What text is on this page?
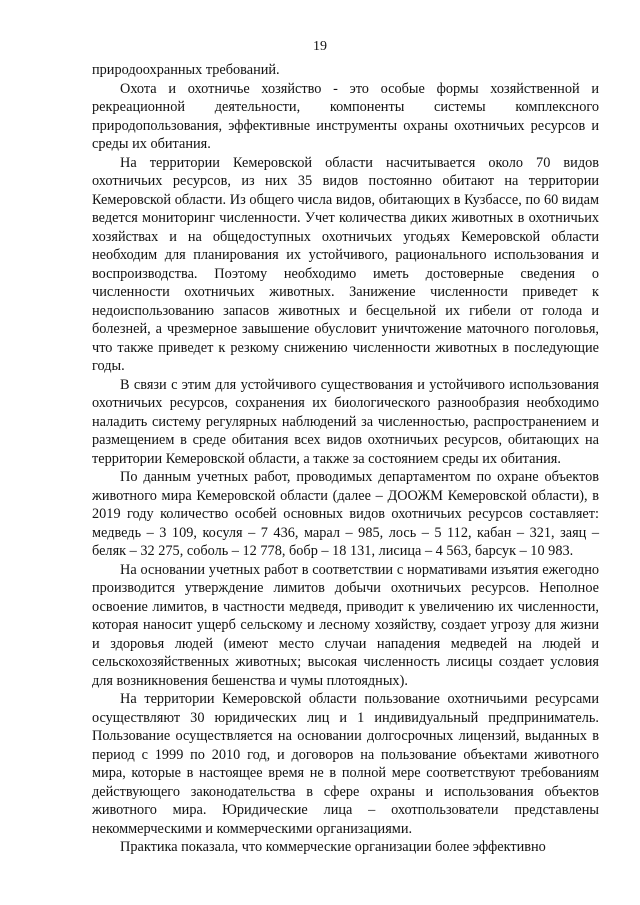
19

природоохранных требований.

Охота и охотничье хозяйство - это особые формы хозяйственной и рекреационной деятельности, компоненты системы комплексного природопользования, эффективные инструменты охраны охотничьих ресурсов и среды их обитания.

На территории Кемеровской области насчитывается около 70 видов охотничьих ресурсов, из них 35 видов постоянно обитают на территории Кемеровской области. Из общего числа видов, обитающих в Кузбассе, по 60 видам ведется мониторинг численности. Учет количества диких животных в охотничьих хозяйствах и на общедоступных охотничьих угодьях Кемеровской области необходим для планирования их устойчивого, рационального использования и воспроизводства. Поэтому необходимо иметь достоверные сведения о численности охотничьих животных. Занижение численности приведет к недоиспользованию запасов животных и бесцельной их гибели от голода и болезней, а чрезмерное завышение обусловит уничтожение маточного поголовья, что также приведет к резкому снижению численности животных в последующие годы.

В связи с этим для устойчивого существования и устойчивого использования охотничьих ресурсов, сохранения их биологического разнообразия необходимо наладить систему регулярных наблюдений за численностью, распространением и размещением в среде обитания всех видов охотничьих ресурсов, обитающих на территории Кемеровской области, а также за состоянием среды их обитания.

По данным учетных работ, проводимых департаментом по охране объектов животного мира Кемеровской области (далее – ДООЖМ Кемеровской области), в 2019 году количество особей основных видов охотничьих ресурсов составляет: медведь – 3 109, косуля – 7 436, марал – 985, лось – 5 112, кабан – 321, заяц – беляк – 32 275, соболь – 12 778, бобр – 18 131, лисица – 4 563, барсук – 10 983.

На основании учетных работ в соответствии с нормативами изъятия ежегодно производится утверждение лимитов добычи охотничьих ресурсов. Неполное освоение лимитов, в частности медведя, приводит к увеличению их численности, которая наносит ущерб сельскому и лесному хозяйству, создает угрозу для жизни и здоровья людей (имеют место случаи нападения медведей на людей и сельскохозяйственных животных; высокая численность лисицы создает условия для возникновения бешенства и чумы плотоядных).

На территории Кемеровской области пользование охотничьими ресурсами осуществляют 30 юридических лиц и 1 индивидуальный предприниматель. Пользование осуществляется на основании долгосрочных лицензий, выданных в период с 1999 по 2010 год, и договоров на пользование объектами животного мира, которые в настоящее время не в полной мере соответствуют требованиям действующего законодательства в сфере охраны и использования объектов животного мира. Юридические лица – охотпользователи представлены некоммерческими и коммерческими организациями.

Практика показала, что коммерческие организации более эффективно
